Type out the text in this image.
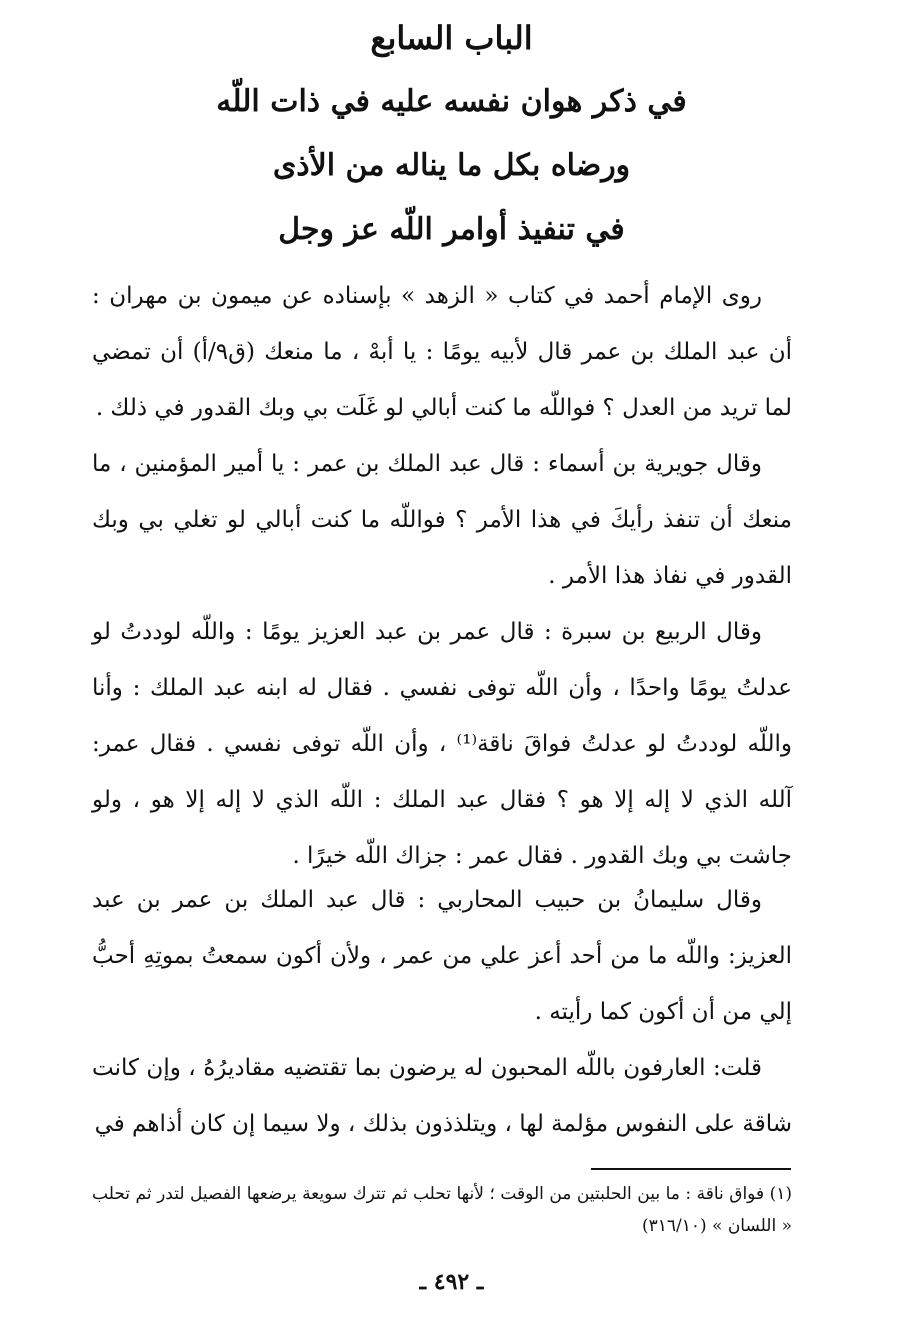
الباب السابع
في ذكر هوان نفسه عليه في ذات اللّه
ورضاه بكل ما يناله من الأذى
في تنفيذ أوامر اللّه عز وجل

روى الإمام أحمد في كتاب « الزهد » بإسناده عن ميمون بن مهران : أن عبد الملك بن عمر قال لأبيه يومًا : يا أبهْ ، ما منعك (ق٩/أ) أن تمضي لما تريد من العدل ؟ فواللّه ما كنت أبالي لو غَلَت بي وبك القدور في ذلك .

وقال جويرية بن أسماء : قال عبد الملك بن عمر : يا أمير المؤمنين ، ما منعك أن تنفذ رأيكَ في هذا الأمر ؟ فواللّه ما كنت أبالي لو تغلي بي وبك القدور في نفاذ هذا الأمر .

وقال الربيع بن سبرة : قال عمر بن عبد العزيز يومًا : واللّه لوددتُ لو عدلتُ يومًا واحدًا ، وأن اللّه توفى نفسي . فقال له ابنه عبد الملك : وأنا واللّه لوددتُ لو عدلتُ فواقَ ناقة⁽¹⁾ ، وأن اللّه توفى نفسي . فقال عمر: آلله الذي لا إله إلا هو ؟ فقال عبد الملك : اللّه الذي لا إله إلا هو ، ولو جاشت بي وبك القدور . فقال عمر : جزاك اللّه خيرًا .

وقال سليمانُ بن حبيب المحاربي : قال عبد الملك بن عمر بن عبد العزيز: واللّه ما من أحد أعز علي من عمر ، ولأن أكون سمعتُ بموتِهِ أحبُّ إلي من أن أكون كما رأيته .

قلت: العارفون باللّه المحبون له يرضون بما تقتضيه مقاديرُهُ ، وإن كانت شاقة على النفوس مؤلمة لها ، ويتلذذون بذلك ، ولا سيما إن كان أذاهم في

(١) فواق ناقة : ما بين الحلبتين من الوقت ؛ لأنها تحلب ثم تترك سويعة يرضعها الفصيل لتدر ثم تحلب « اللسان » (٣١٦/١٠)
ـ ٤٩٢ ـ
